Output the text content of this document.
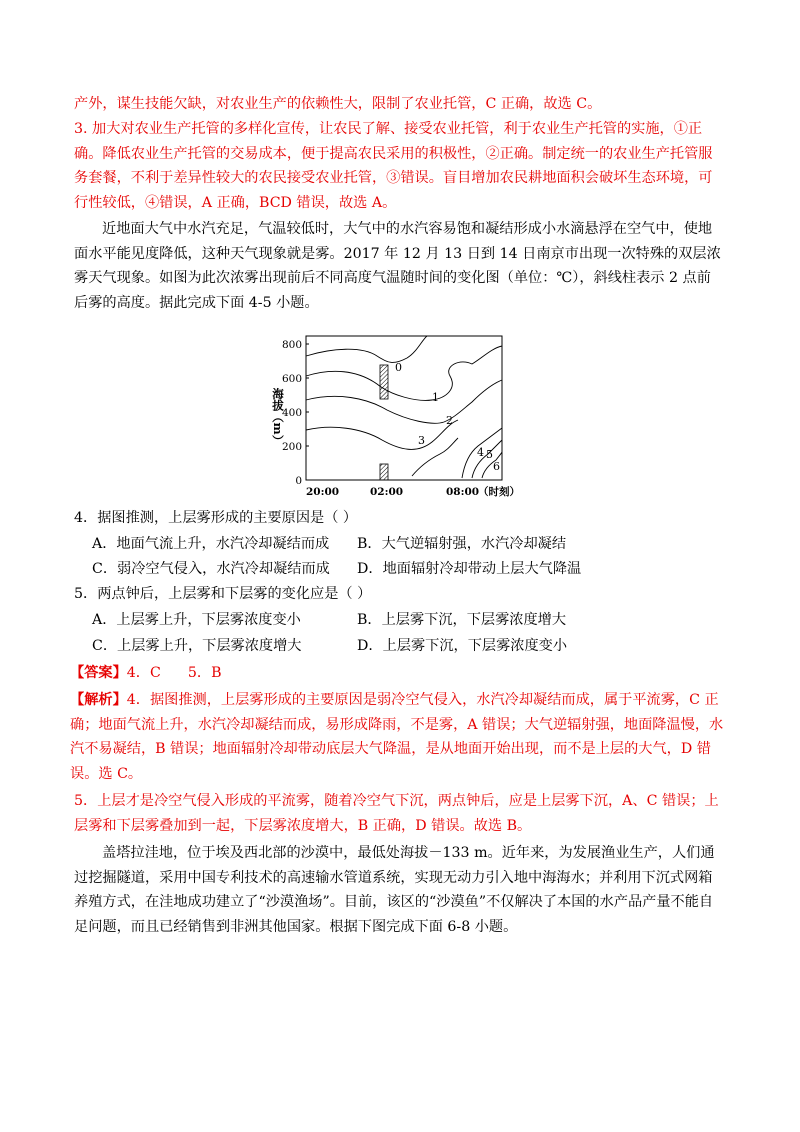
产外，谋生技能欠缺，对农业生产的依赖性大，限制了农业托管，C 正确，故选 C。
3. 加大对农业生产托管的多样化宣传，让农民了解、接受农业托管，利于农业生产托管的实施，①正确。降低农业生产托管的交易成本，便于提高农民采用的积极性，②正确。制定统一的农业生产托管服务套餐，不利于差异性较大的农民接受农业托管，③错误。盲目增加农民耕地面积会破坏生态环境，可行性较低，④错误，A 正确，BCD 错误，故选 A。
近地面大气中水汽充足，气温较低时，大气中的水汽容易饱和凝结形成小水滴悬浮在空气中，使地面水平能见度降低，这种天气现象就是雾。2017 年 12 月 13 日到 14 日南京市出现一次特殊的双层浓雾天气现象。如图为此次浓雾出现前后不同高度气温随时间的变化图（单位：℃），斜线柱表示 2 点前后雾的高度。据此完成下面 4-5 小题。
0
1
2
3
4 5
6
800
600
400
200
0
海拔（m）
20:00	02:00	08:00
（时刻）
4．据图推测，上层雾形成的主要原因是（ ）
A．地面气流上升，水汽冷却凝结而成 B．大气逆辐射强，水汽冷却凝结
C．弱冷空气侵入，水汽冷却凝结而成 D．地面辐射冷却带动上层大气降温
5．两点钟后，上层雾和下层雾的变化应是（ ）
A．上层雾上升，下层雾浓度变小	B．上层雾下沉，下层雾浓度增大
C．上层雾上升，下层雾浓度增大	D．上层雾下沉，下层雾浓度变小
【答案】4．C      5．B
【解析】4．据图推测，上层雾形成的主要原因是弱冷空气侵入，水汽冷却凝结而成，属于平流雾，C 正确；地面气流上升，水汽冷却凝结而成，易形成降雨，不是雾，A 错误；大气逆辐射强，地面降温慢，水汽不易凝结，B 错误；地面辐射冷却带动底层大气降温，是从地面开始出现，而不是上层的大气，D 错误。选 C。
5．上层才是冷空气侵入形成的平流雾，随着冷空气下沉，两点钟后，应是上层雾下沉，A、C 错误；上层雾和下层雾叠加到一起，下层雾浓度增大，B 正确，D 错误。故选 B。
盖塔拉洼地，位于埃及西北部的沙漠中，最低处海拔－133 m。近年来，为发展渔业生产，人们通过挖掘隧道，采用中国专利技术的高速输水管道系统，实现无动力引入地中海海水；并利用下沉式网箱养殖方式，在洼地成功建立了“沙漠渔场”。目前，该区的“沙漠鱼”不仅解决了本国的水产品产量不能自足问题，而且已经销售到非洲其他国家。根据下图完成下面 6-8 小题。
